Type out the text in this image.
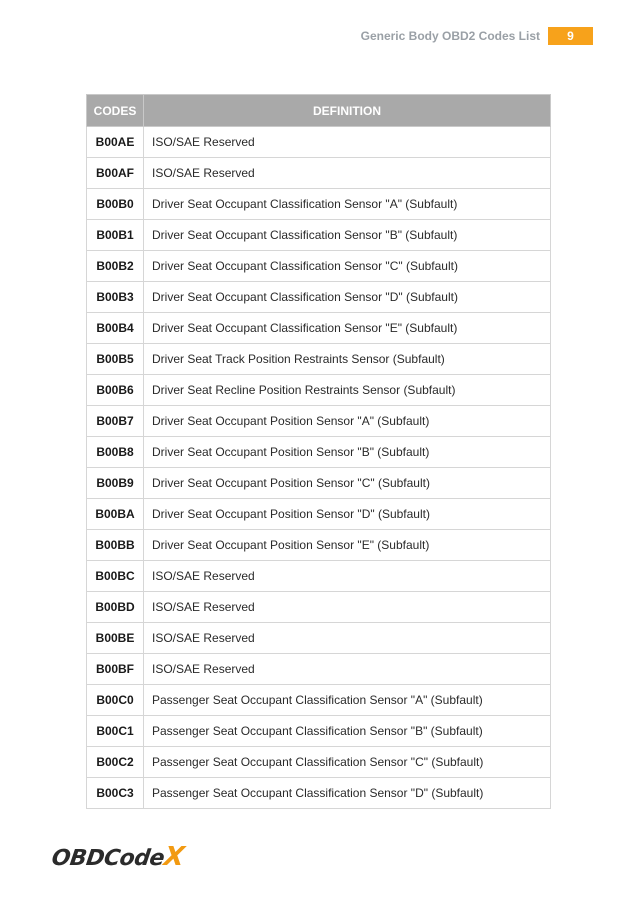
Generic Body OBD2 Codes List	9
CODES	DEFINITION
B00AE	ISO/SAE Reserved
B00AF	ISO/SAE Reserved
B00B0	Driver Seat Occupant Classification Sensor "A" (Subfault)
B00B1	Driver Seat Occupant Classification Sensor "B" (Subfault)
B00B2	Driver Seat Occupant Classification Sensor "C" (Subfault)
B00B3	Driver Seat Occupant Classification Sensor "D" (Subfault)
B00B4	Driver Seat Occupant Classification Sensor "E" (Subfault)
B00B5	Driver Seat Track Position Restraints Sensor (Subfault)
B00B6	Driver Seat Recline Position Restraints Sensor (Subfault)
B00B7	Driver Seat Occupant Position Sensor "A" (Subfault)
B00B8	Driver Seat Occupant Position Sensor "B" (Subfault)
B00B9	Driver Seat Occupant Position Sensor "C" (Subfault)
B00BA	Driver Seat Occupant Position Sensor "D" (Subfault)
B00BB	Driver Seat Occupant Position Sensor "E" (Subfault)
B00BC	ISO/SAE Reserved
B00BD	ISO/SAE Reserved
B00BE	ISO/SAE Reserved
B00BF	ISO/SAE Reserved
B00C0	Passenger Seat Occupant Classification Sensor "A" (Subfault)
B00C1	Passenger Seat Occupant Classification Sensor "B" (Subfault)
B00C2	Passenger Seat Occupant Classification Sensor "C" (Subfault)
B00C3	Passenger Seat Occupant Classification Sensor "D" (Subfault)
OBDCodeX
